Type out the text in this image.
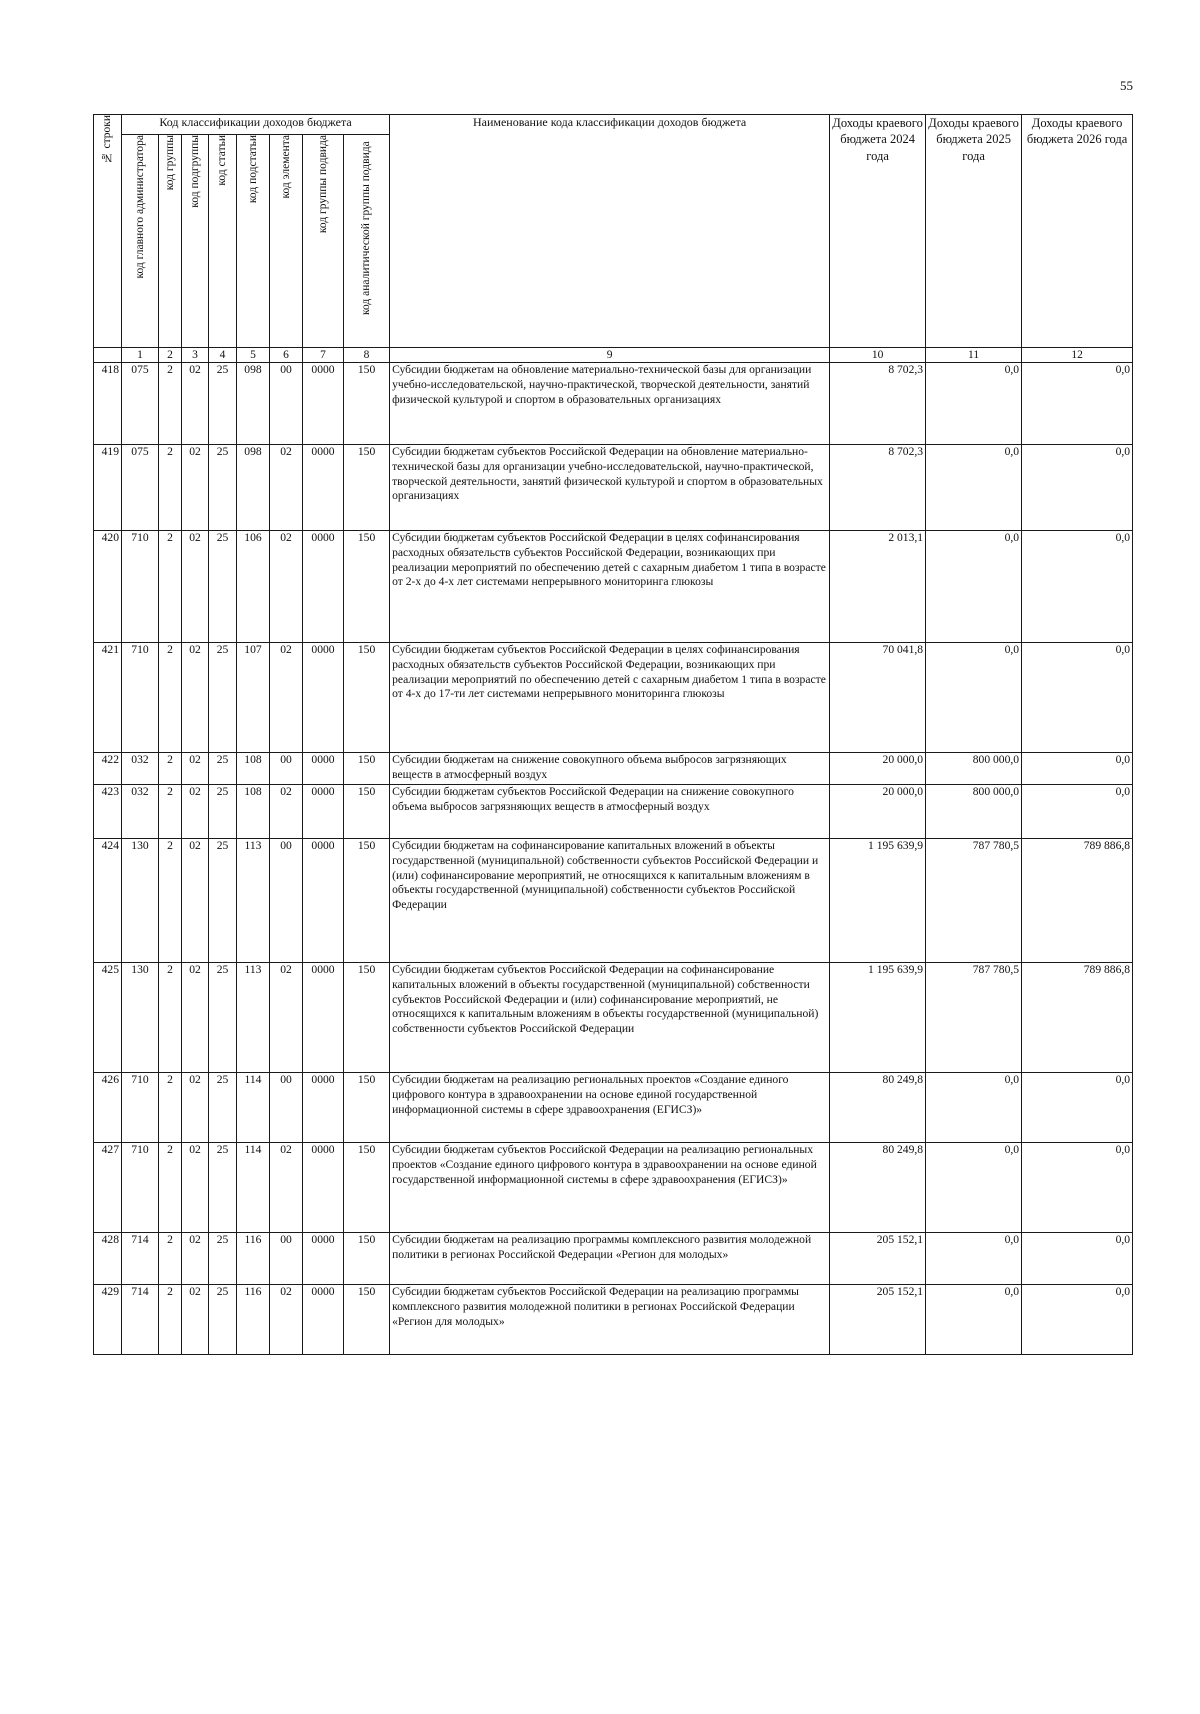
55
№ строки	Код классификации доходов бюджета								Наименование кода классификации доходов бюджета	Доходы краевого бюджета 2024 года	Доходы краевого бюджета 2025 года	Доходы краевого бюджета 2026 года
	код главного администратора	код группы	код подгруппы	код статьи	код подстатьи	код элемента	код группы подвида	код аналитической группы подвида				
	1	2	3	4	5	6	7	8	9	10	11	12
418	075	2	02	25	098	00	0000	150	Субсидии бюджетам на обновление материально-технической базы для организации учебно-исследовательской, научно-практической, творческой деятельности, занятий физической культурой и спортом в образовательных организациях	8 702,3	0,0	0,0
419	075	2	02	25	098	02	0000	150	Субсидии бюджетам субъектов Российской Федерации на обновление материально-технической базы для организации учебно-исследовательской, научно-практической, творческой деятельности, занятий физической культурой и спортом в образовательных организациях	8 702,3	0,0	0,0
420	710	2	02	25	106	02	0000	150	Субсидии бюджетам субъектов Российской Федерации в целях софинансирования расходных обязательств субъектов Российской Федерации, возникающих при реализации мероприятий по обеспечению детей с сахарным диабетом 1 типа в возрасте от 2-х до 4-х лет системами непрерывного мониторинга глюкозы	2 013,1	0,0	0,0
421	710	2	02	25	107	02	0000	150	Субсидии бюджетам субъектов Российской Федерации в целях софинансирования расходных обязательств субъектов Российской Федерации, возникающих при реализации мероприятий по обеспечению детей с сахарным диабетом 1 типа в возрасте от 4-х до 17-ти лет системами непрерывного мониторинга глюкозы	70 041,8	0,0	0,0
422	032	2	02	25	108	00	0000	150	Субсидии бюджетам на снижение совокупного объема выбросов загрязняющих веществ в атмосферный воздух	20 000,0	800 000,0	0,0
423	032	2	02	25	108	02	0000	150	Субсидии бюджетам субъектов Российской Федерации на снижение совокупного объема выбросов загрязняющих веществ в атмосферный воздух	20 000,0	800 000,0	0,0
424	130	2	02	25	113	00	0000	150	Субсидии бюджетам на софинансирование капитальных вложений в объекты государственной (муниципальной) собственности субъектов Российской Федерации и (или) софинансирование мероприятий, не относящихся к капитальным вложениям в объекты государственной (муниципальной) собственности субъектов Российской Федерации	1 195 639,9	787 780,5	789 886,8
425	130	2	02	25	113	02	0000	150	Субсидии бюджетам субъектов Российской Федерации на софинансирование капитальных вложений в объекты государственной (муниципальной) собственности субъектов Российской Федерации и (или) софинансирование мероприятий, не относящихся к капитальным вложениям в объекты государственной (муниципальной) собственности субъектов Российской Федерации	1 195 639,9	787 780,5	789 886,8
426	710	2	02	25	114	00	0000	150	Субсидии бюджетам на реализацию региональных проектов «Создание единого цифрового контура в здравоохранении на основе единой государственной информационной системы в сфере здравоохранения (ЕГИСЗ)»	80 249,8	0,0	0,0
427	710	2	02	25	114	02	0000	150	Субсидии бюджетам субъектов Российской Федерации на реализацию региональных проектов «Создание единого цифрового контура в здравоохранении на основе единой государственной информационной системы в сфере здравоохранения (ЕГИСЗ)»	80 249,8	0,0	0,0
428	714	2	02	25	116	00	0000	150	Субсидии бюджетам на реализацию программы комплексного развития молодежной политики в регионах Российской Федерации «Регион для молодых»	205 152,1	0,0	0,0
429	714	2	02	25	116	02	0000	150	Субсидии бюджетам субъектов Российской Федерации на реализацию программы комплексного развития молодежной политики в регионах Российской Федерации «Регион для молодых»	205 152,1	0,0	0,0
